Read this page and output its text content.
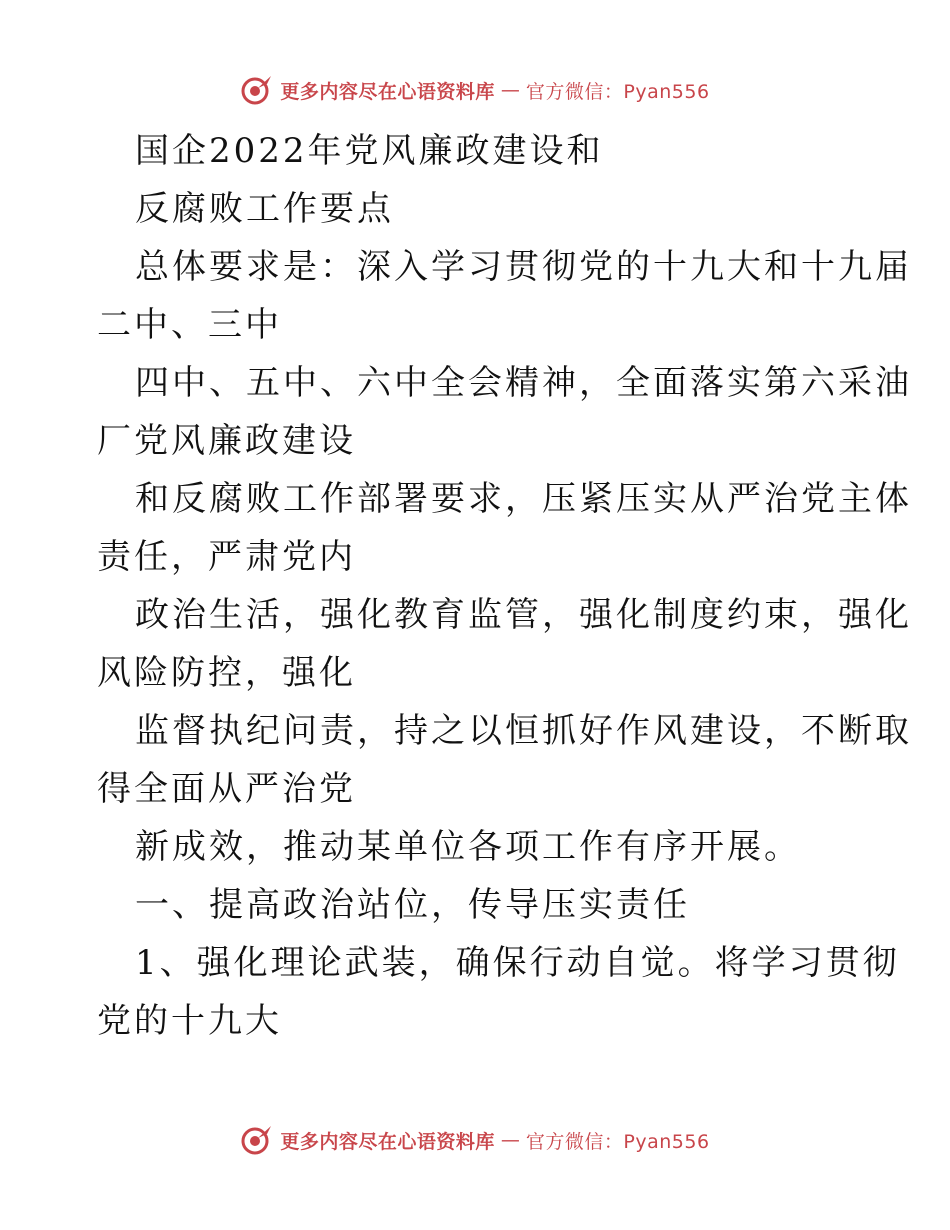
更多内容尽在心语资料库 — 官方微信：Pyan556
国企2022年党风廉政建设和
反腐败工作要点
总体要求是：深入学习贯彻党的十九大和十九届
二中、三中
四中、五中、六中全会精神，全面落实第六采油
厂党风廉政建设
和反腐败工作部署要求，压紧压实从严治党主体
责任，严肃党内
政治生活，强化教育监管，强化制度约束，强化
风险防控，强化
监督执纪问责，持之以恒抓好作风建设，不断取
得全面从严治党
新成效，推动某单位各项工作有序开展。
一、提高政治站位，传导压实责任
1、强化理论武装，确保行动自觉。将学习贯彻
党的十九大
更多内容尽在心语资料库 — 官方微信：Pyan556
